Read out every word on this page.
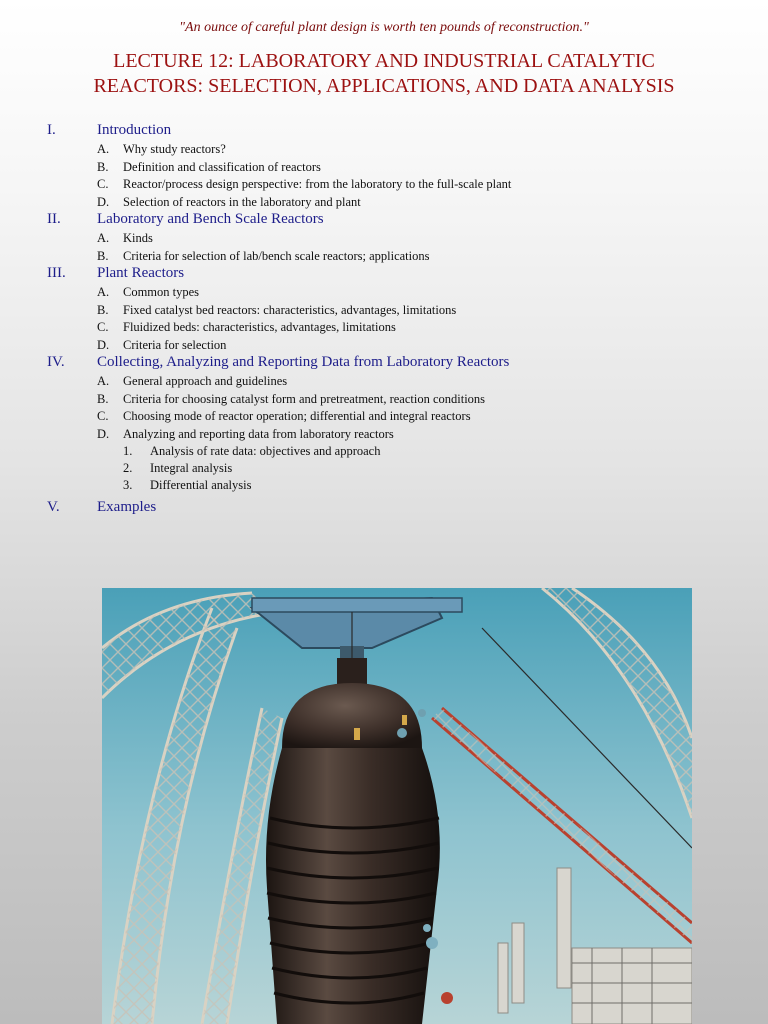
"An ounce of careful plant design is worth ten pounds of reconstruction."
LECTURE 12: LABORATORY AND INDUSTRIAL CATALYTIC
REACTORS: SELECTION, APPLICATIONS, AND DATA ANALYSIS
I.	Introduction
A. Why study reactors?
B. Definition and classification of reactors
C. Reactor/process design perspective: from the laboratory to the full-scale plant
D. Selection of reactors in the laboratory and plant
II. Laboratory and Bench Scale Reactors
A. Kinds
B. Criteria for selection of lab/bench scale reactors; applications
III. Plant Reactors
A. Common types
B. Fixed catalyst bed reactors: characteristics, advantages, limitations
C. Fluidized beds: characteristics, advantages, limitations
D. Criteria for selection
IV. Collecting, Analyzing and Reporting Data from Laboratory Reactors
A. General approach and guidelines
B. Criteria for choosing catalyst form and pretreatment, reaction conditions
C. Choosing mode of reactor operation; differential and integral reactors
D. Analyzing and reporting data from laboratory reactors
1. Analysis of rate data: objectives and approach
2. Integral analysis
3. Differential analysis
V. Examples
